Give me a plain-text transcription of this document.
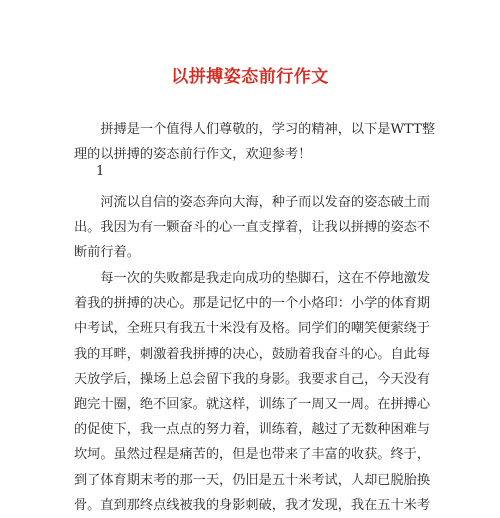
以拼搏姿态前行作文
　　拼搏是一个值得人们尊敬的，学习的精神，以下是WTT整
理的以拼搏的姿态前行作文，欢迎参考！
1
　　河流以自信的姿态奔向大海，种子而以发奋的姿态破土而
出。我因为有一颗奋斗的心一直支撑着，让我以拼搏的姿态不
断前行着。
　　每一次的失败都是我走向成功的垫脚石，这在不停地激发
着我的拼搏的决心。那是记忆中的一个小烙印：小学的体育期
中考试，全班只有我五十米没有及格。同学们的嘲笑便萦绕于
我的耳畔，刺激着我拼搏的决心，鼓励着我奋斗的心。自此每
天放学后，操场上总会留下我的身影。我要求自己，今天没有
跑完十圈，绝不回家。就这样，训练了一周又一周。在拼搏心
的促使下，我一点点的努力着，训练着，越过了无数种困难与
坎坷。虽然过程是痛苦的，但是也带来了丰富的收获。终于，
到了体育期末考的那一天，仍旧是五十米考试，人却已脱胎换
骨。直到那终点线被我的身影刺破，我才发现，我在五十米考
